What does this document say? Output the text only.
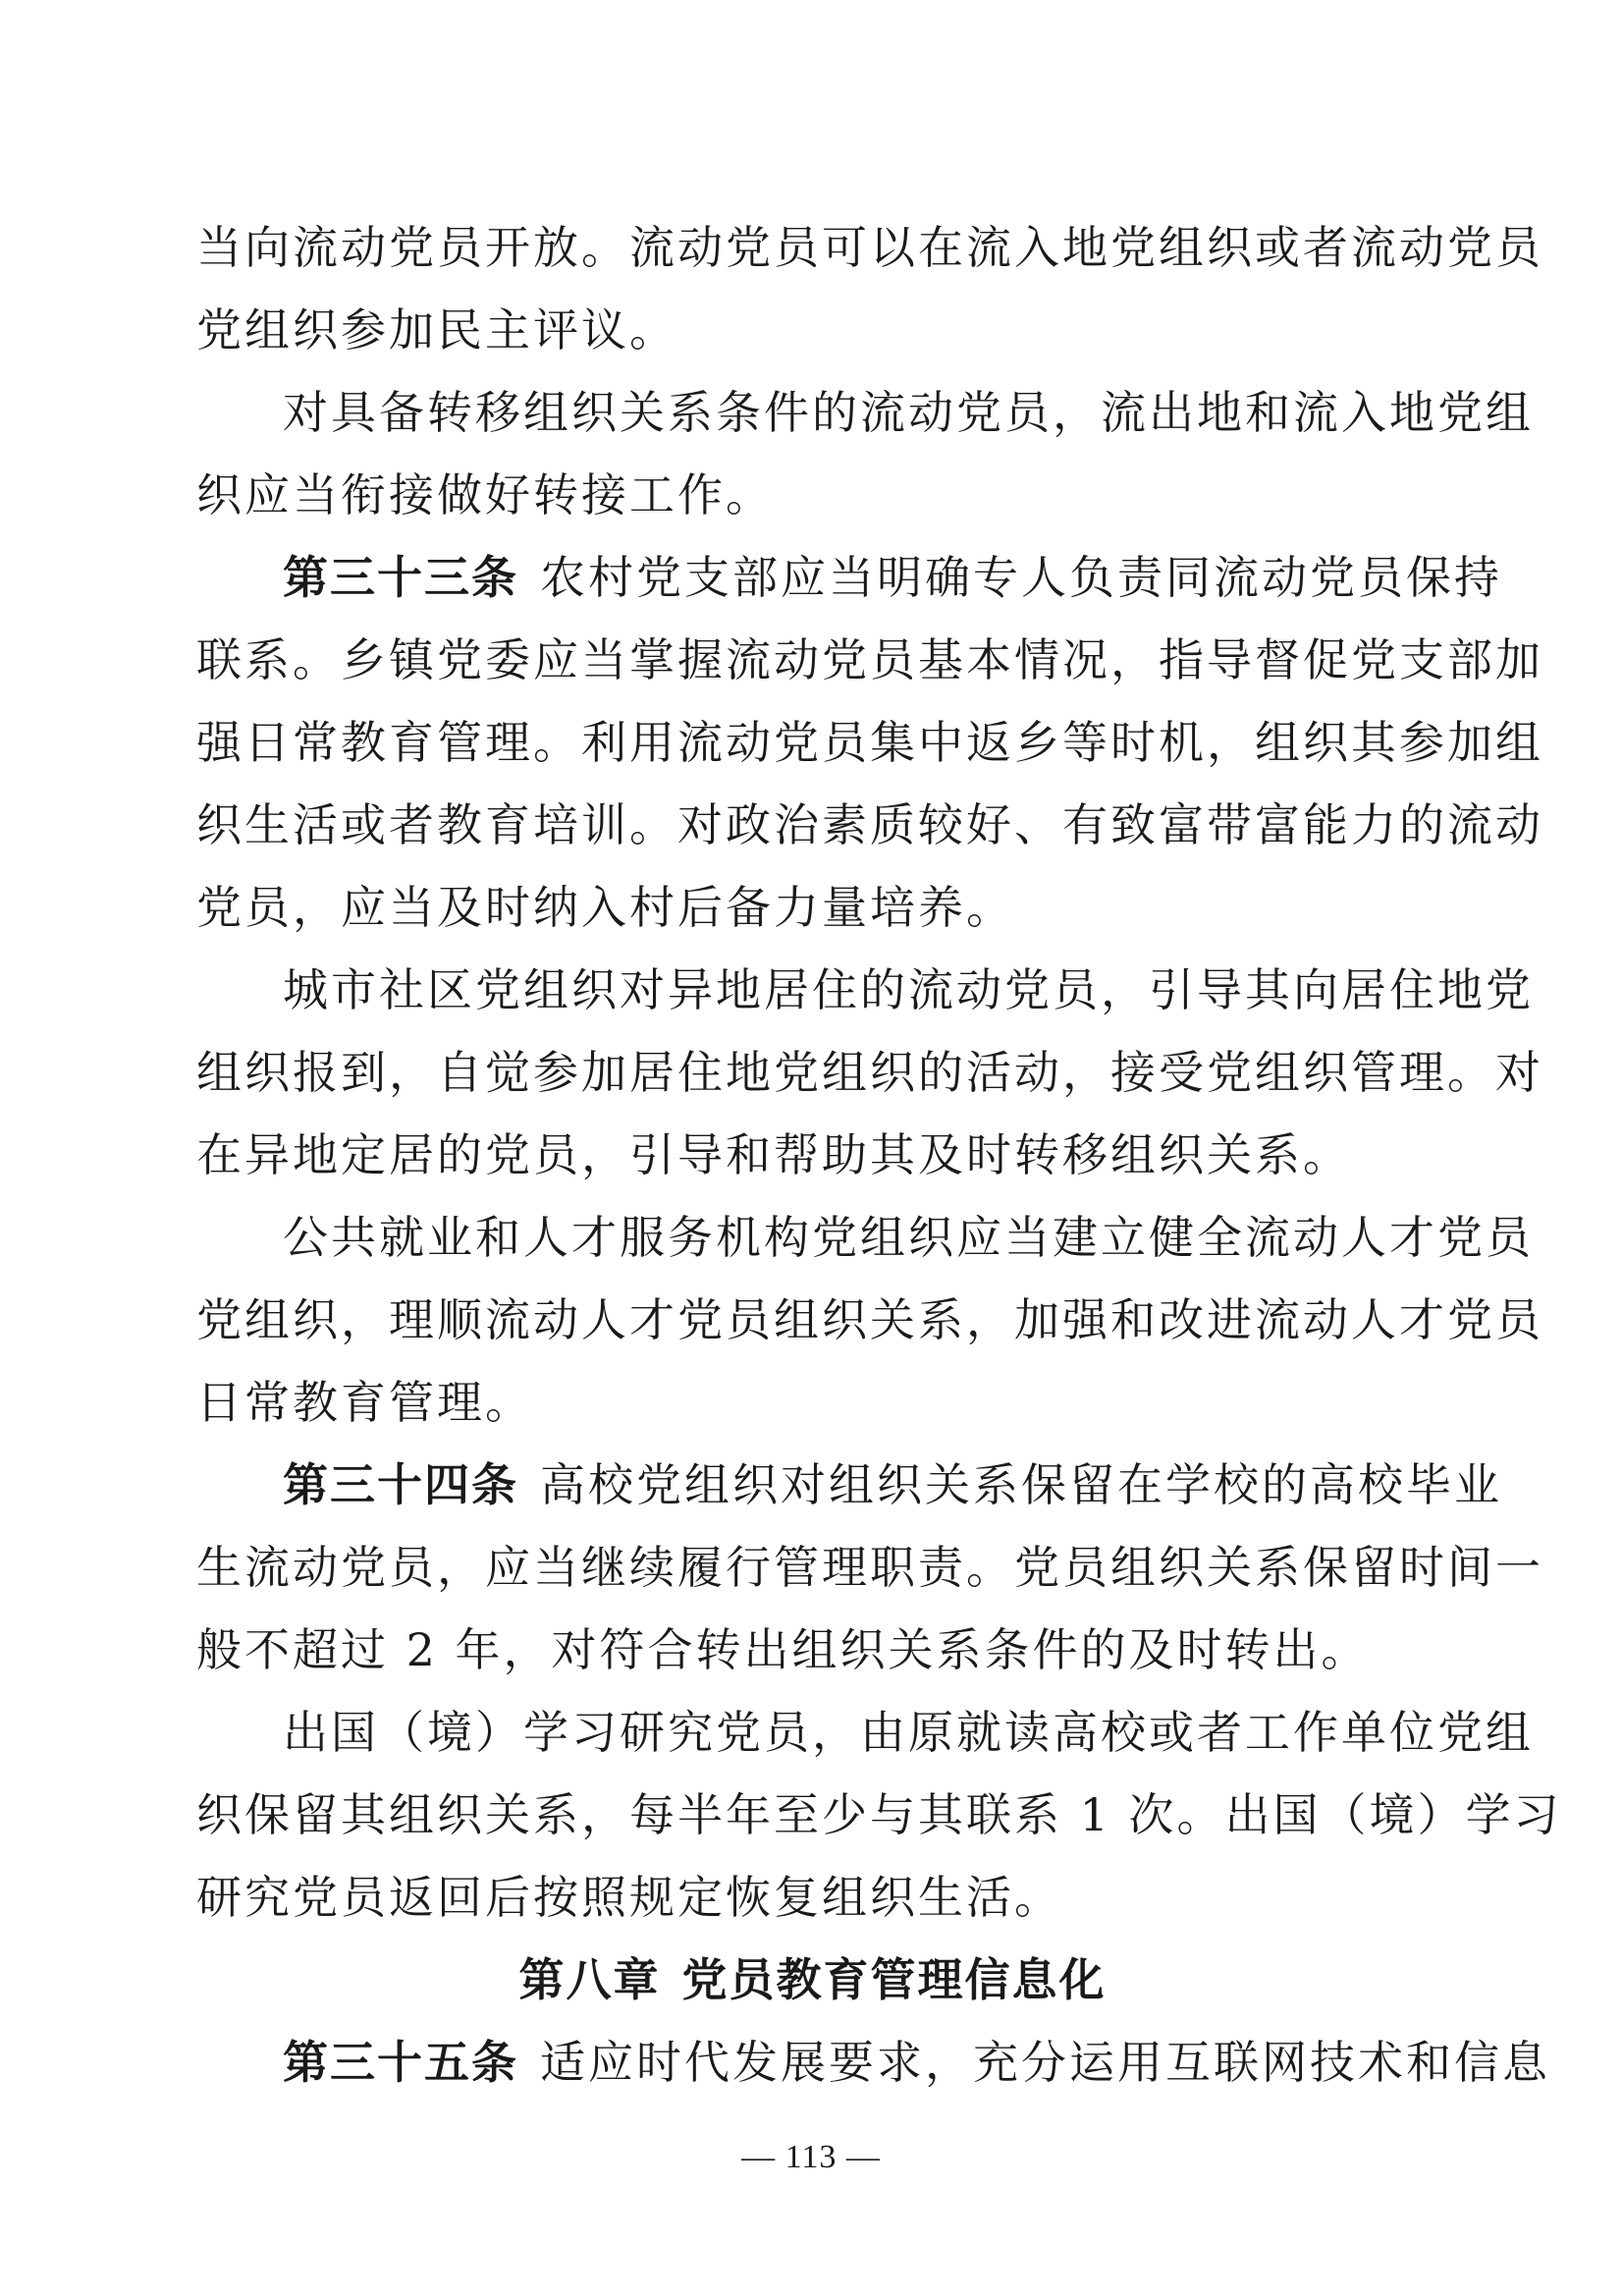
当向流动党员开放。流动党员可以在流入地党组织或者流动党员
党组织参加民主评议。
对具备转移组织关系条件的流动党员，流出地和流入地党组
织应当衔接做好转接工作。
第三十三条 农村党支部应当明确专人负责同流动党员保持
联系。乡镇党委应当掌握流动党员基本情况，指导督促党支部加
强日常教育管理。利用流动党员集中返乡等时机，组织其参加组
织生活或者教育培训。对政治素质较好、有致富带富能力的流动
党员，应当及时纳入村后备力量培养。
城市社区党组织对异地居住的流动党员，引导其向居住地党
组织报到，自觉参加居住地党组织的活动，接受党组织管理。对
在异地定居的党员，引导和帮助其及时转移组织关系。
公共就业和人才服务机构党组织应当建立健全流动人才党员
党组织，理顺流动人才党员组织关系，加强和改进流动人才党员
日常教育管理。
第三十四条 高校党组织对组织关系保留在学校的高校毕业
生流动党员，应当继续履行管理职责。党员组织关系保留时间一
般不超过 2 年，对符合转出组织关系条件的及时转出。
出国（境）学习研究党员，由原就读高校或者工作单位党组
织保留其组织关系，每半年至少与其联系 1 次。出国（境）学习
研究党员返回后按照规定恢复组织生活。
第八章 党员教育管理信息化
第三十五条 适应时代发展要求，充分运用互联网技术和信息
— 113 —
